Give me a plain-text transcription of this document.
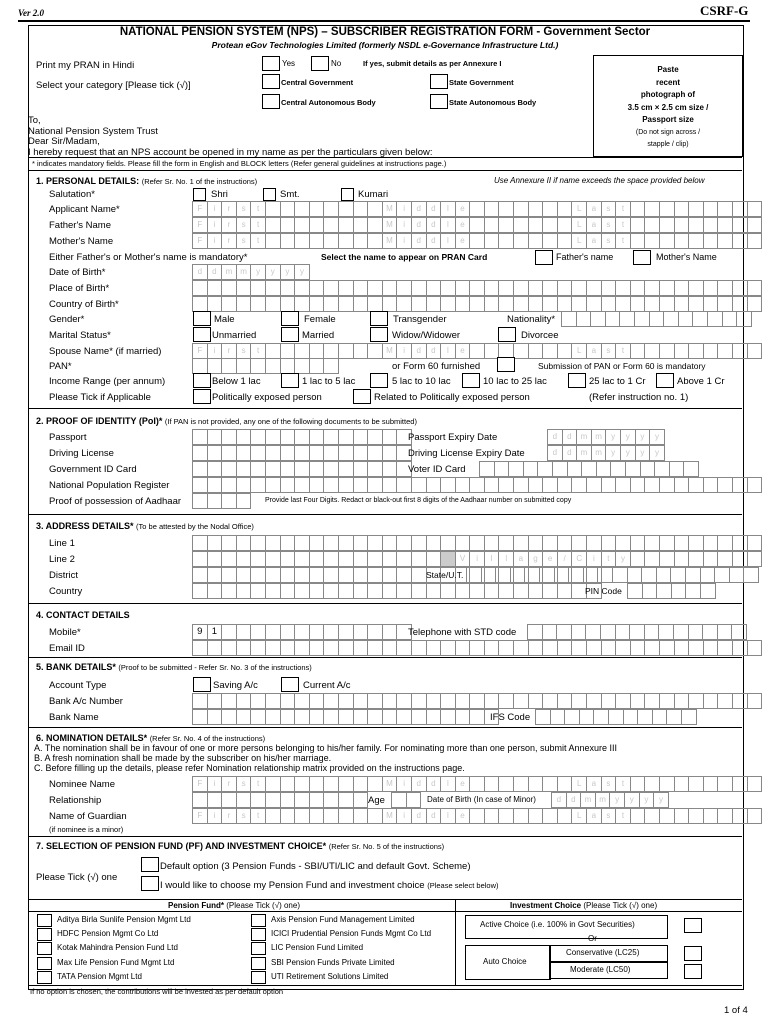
Ver 2.0	CSRF-G
NATIONAL PENSION SYSTEM (NPS) – SUBSCRIBER REGISTRATION FORM - Government Sector
Protean eGov Technologies Limited (formerly NSDL e-Governance Infrastructure Ltd.)
Print my PRAN in Hindi	Yes	No	If yes, submit details as per Annexure I
Select your category [Please tick (√)]	Central Government	State Government
Central Autonomous Body	State Autonomous Body
Paste
recent
photograph of
3.5 cm × 2.5 cm size /
Passport size
(Do not sign across /
stapple / clip)
To,
National Pension System Trust
Dear Sir/Madam,
I hereby request that an NPS account be opened in my name as per the particulars given below:
* indicates mandatory fields. Please fill the form in English and BLOCK letters (Refer general guidelines at instructions page.)
1. PERSONAL DETAILS: (Refer Sr. No. 1 of the instructions)	Use Annexure II if name exceeds the space provided below
Salutation*	Shri	Smt.	Kumari
Applicant Name*	F	i	r	s	t	M	i	d	d	l	e	L	a	s	t
Father's Name	F	i	r	s	t	M	i	d	d	l	e	L	a	s	t
Mother's Name	F	i	r	s	t	M	i	d	d	l	e	L	a	s	t
Either Father's or Mother's name is mandatory*	Select the name to appear on PRAN Card	Father's name	Mother's Name
Date of Birth*	d	d	m m	y	y	y	y
Place of Birth*
Country of Birth*
Gender*	Male	Female	Transgender	Nationality*
Marital Status*	Unmarried	Married	Widow/Widower	Divorcee
Spouse Name* (if married)	F	i	r	s	t	M	i	d	d	l	e	L	a	s	t
PAN*	or Form 60 furnished	Submission of PAN or Form 60 is mandatory
Income Range (per annum)	Below 1 lac	1 lac to 5 lac	5 lac to 10 lac	10 lac to 25 lac	25 lac to 1 Cr	Above 1 Cr
Please Tick if Applicable	Politically exposed person	Related to Politically exposed person	(Refer instruction no. 1)
2. PROOF OF IDENTITY (PoI)* (If PAN is not provided, any one of the following documents to be submitted)
Passport	Passport Expiry Date	d	d	m m	y	y	y	y
Driving License	Driving License Expiry Date	d	d	m m	y	y	y	y
Government ID Card	Voter ID Card
National Population Register
Proof of possession of Aadhaar	Provide last Four Digits. Redact or black-out first 8 digits of the Aadhaar number on submitted copy
3. ADDRESS DETAILS* (To be attested by the Nodal Office)
Line 1
Line 2	V	i	l	l	a	g	e	/	C	i	t	y
District	State/U.T.
Country	PIN Code
4. CONTACT DETAILS
Mobile*	9 1	Telephone with STD code
Email ID
5. BANK DETAILS* (Proof to be submitted - Refer Sr. No. 3 of the instructions)
Account Type	Saving A/c	Current A/c
Bank A/c Number
Bank Name	IFS Code
6. NOMINATION DETAILS* (Refer Sr. No. 4 of the instructions)
A. The nomination shall be in favour of one or more persons belonging to his/her family. For nominating more than one person, submit Annexure III
B. A fresh nomination shall be made by the subscriber on his/her marriage.
C. Before filling up the details, please refer Nomination relationship matrix provided on the instructions page.
Nominee Name	F	i	r	s	t	M	i	d	d	l	e	L	a	s	t
Relationship	Age	Date of Birth (In case of Minor)	d	d	m m	y	y	y	y
Name of Guardian	F	i	r	s	t	M	i	d	d	l	e	L	a	s	t
(if nominee is a minor)
7. SELECTION OF PENSION FUND (PF) AND INVESTMENT CHOICE* (Refer Sr. No. 5 of the instructions)
Please Tick (√) one
Default option (3 Pension Funds - SBI/UTI/LIC and default Govt. Scheme)
I would like to choose my Pension Fund and investment choice (Please select below)
Pension Fund* (Please Tick (√) one)	Investment Choice (Please Tick (√) one)
Aditya Birla Sunlife Pension Mgmt Ltd
HDFC Pension Mgmt Co Ltd
Kotak Mahindra Pension Fund Ltd
Max Life Pension Fund Mgmt Ltd
TATA Pension Mgmt Ltd
Axis Pension Fund Management Limited
ICICI Prudential Pension Funds Mgmt Co Ltd
LIC Pension Fund Limited
SBI Pension Funds Private Limited
UTI Retirement Solutions Limited
Active Choice (i.e. 100% in Govt Securities)
Or
Auto Choice
Conservative (LC25)
Moderate (LC50)
If no option is chosen, the contributions will be invested as per default option
1 of 4
